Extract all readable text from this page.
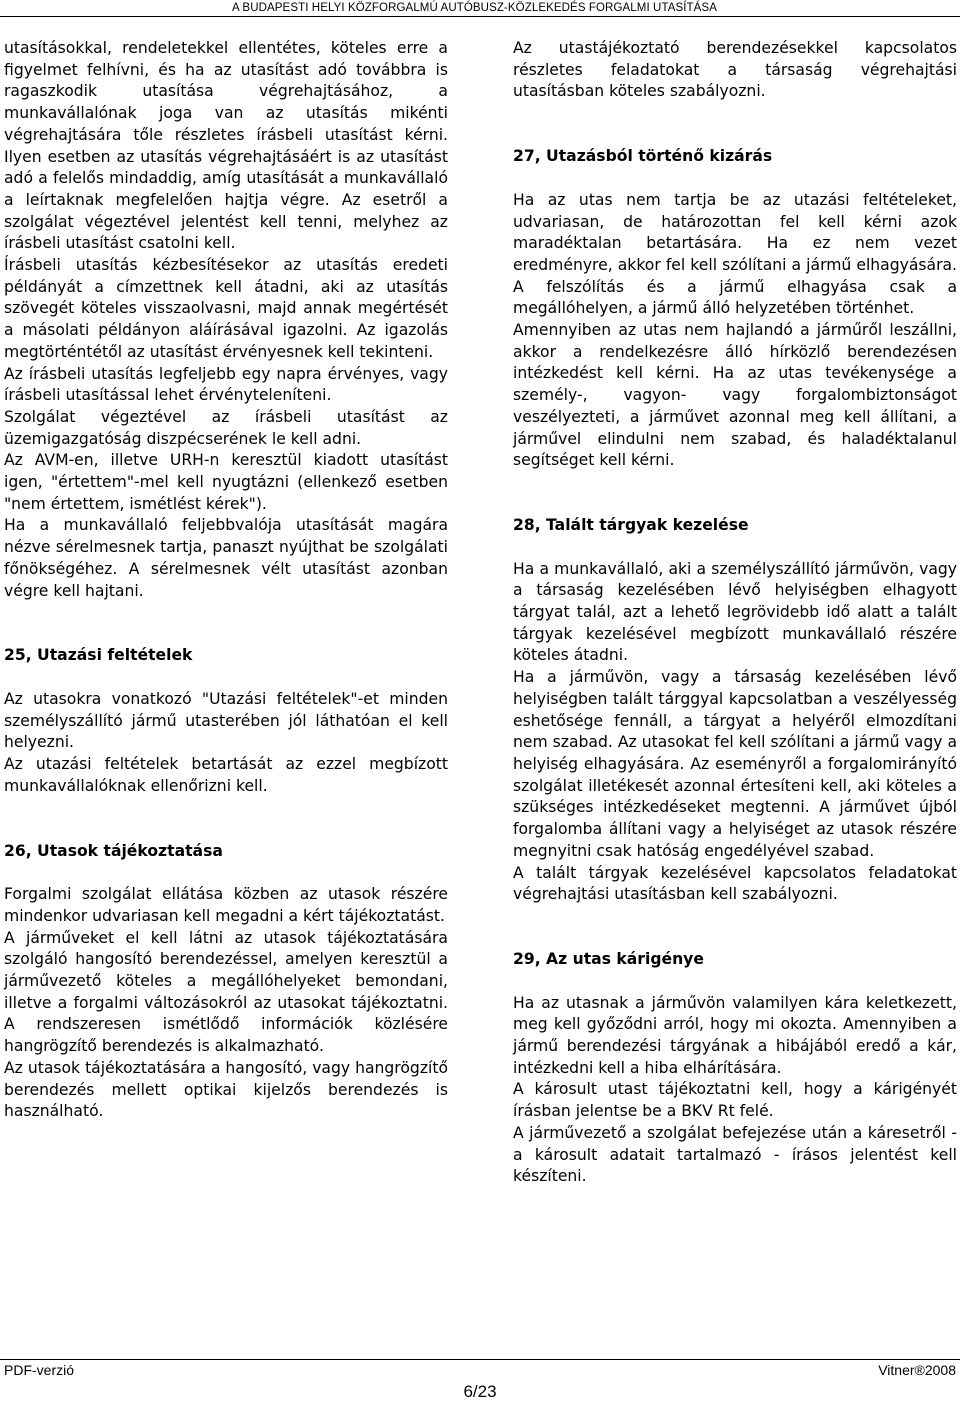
A BUDAPESTI HELYI KÖZFORGALMÚ AUTÓBUSZ-KÖZLEKEDÉS FORGALMI UTASÍTÁSA

utasításokkal, rendeletekkel ellentétes, köteles erre a figyelmet felhívni, és ha az utasítást adó továbbra is ragaszkodik utasítása végrehajtásához, a munkavállalónak joga van az utasítás mikénti végrehajtására tőle részletes írásbeli utasítást kérni. Ilyen esetben az utasítás végrehajtásáért is az utasítást adó a felelős mindaddig, amíg utasítását a munkavállaló a leírtaknak megfelelően hajtja végre. Az esetről a szolgálat végeztével jelentést kell tenni, melyhez az írásbeli utasítást csatolni kell.

Írásbeli utasítás kézbesítésekor az utasítás eredeti példányát a címzettnek kell átadni, aki az utasítás szövegét köteles visszaolvasni, majd annak megértését a másolati példányon aláírásával igazolni. Az igazolás megtörténtétől az utasítást érvényesnek kell tekinteni.

Az írásbeli utasítás legfeljebb egy napra érvényes, vagy írásbeli utasítással lehet érvényteleníteni.

Szolgálat végeztével az írásbeli utasítást az üzemigazgatóság diszpécserének le kell adni.

Az AVM-en, illetve URH-n keresztül kiadott utasítást igen, "értettem"-mel kell nyugtázni (ellenkező esetben "nem értettem, ismétlést kérek").

Ha a munkavállaló feljebbvalója utasítását magára nézve sérelmesnek tartja, panaszt nyújthat be szolgálati főnökségéhez. A sérelmesnek vélt utasítást azonban végre kell hajtani.

25, Utazási feltételek

Az utasokra vonatkozó "Utazási feltételek"-et minden személyszállító jármű utasterében jól láthatóan el kell helyezni.

Az utazási feltételek betartását az ezzel megbízott munkavállalóknak ellenőrizni kell.

26, Utasok tájékoztatása

Forgalmi szolgálat ellátása közben az utasok részére mindenkor udvariasan kell megadni a kért tájékoztatást.

A járműveket el kell látni az utasok tájékoztatására szolgáló hangosító berendezéssel, amelyen keresztül a járművezető köteles a megállóhelyeket bemondani, illetve a forgalmi változásokról az utasokat tájékoztatni. A rendszeresen ismétlődő információk közlésére hangrögzítő berendezés is alkalmazható.

Az utasok tájékoztatására a hangosító, vagy hangrögzítő berendezés mellett optikai kijelzős berendezés is használható.

Az utastájékoztató berendezésekkel kapcsolatos részletes feladatokat a társaság végrehajtási utasításban köteles szabályozni.

27, Utazásból történő kizárás

Ha az utas nem tartja be az utazási feltételeket, udvariasan, de határozottan fel kell kérni azok maradéktalan betartására. Ha ez nem vezet eredményre, akkor fel kell szólítani a jármű elhagyására. A felszólítás és a jármű elhagyása csak a megállóhelyen, a jármű álló helyzetében történhet.

Amennyiben az utas nem hajlandó a járműről leszállni, akkor a rendelkezésre álló hírközlő berendezésen intézkedést kell kérni. Ha az utas tevékenysége a személy-, vagyon- vagy forgalombiztonságot veszélyezteti, a járművet azonnal meg kell állítani, a járművel elindulni nem szabad, és haladéktalanul segítséget kell kérni.

28, Talált tárgyak kezelése

Ha a munkavállaló, aki a személyszállító járművön, vagy a társaság kezelésében lévő helyiségben elhagyott tárgyat talál, azt a lehető legrövidebb idő alatt a talált tárgyak kezelésével megbízott munkavállaló részére köteles átadni.

Ha a járművön, vagy a társaság kezelésében lévő helyiségben talált tárggyal kapcsolatban a veszélyesség eshetősége fennáll, a tárgyat a helyéről elmozdítani nem szabad. Az utasokat fel kell szólítani a jármű vagy a helyiség elhagyására. Az eseményről a forgalomirányító szolgálat illetékesét azonnal értesíteni kell, aki köteles a szükséges intézkedéseket megtenni. A járművet újból forgalomba állítani vagy a helyiséget az utasok részére megnyitni csak hatóság engedélyével szabad.

A talált tárgyak kezelésével kapcsolatos feladatokat végrehajtási utasításban kell szabályozni.

29, Az utas kárigénye

Ha az utasnak a járművön valamilyen kára keletkezett, meg kell győződni arról, hogy mi okozta. Amennyiben a jármű berendezési tárgyának a hibájából eredő a kár, intézkedni kell a hiba elhárítására.

A károsult utast tájékoztatni kell, hogy a kárigényét írásban jelentse be a BKV Rt felé.

A járművezető a szolgálat befejezése után a káresetről - a károsult adatait tartalmazó - írásos jelentést kell készíteni.

PDF-verzió	Vitner®2008
6/23
